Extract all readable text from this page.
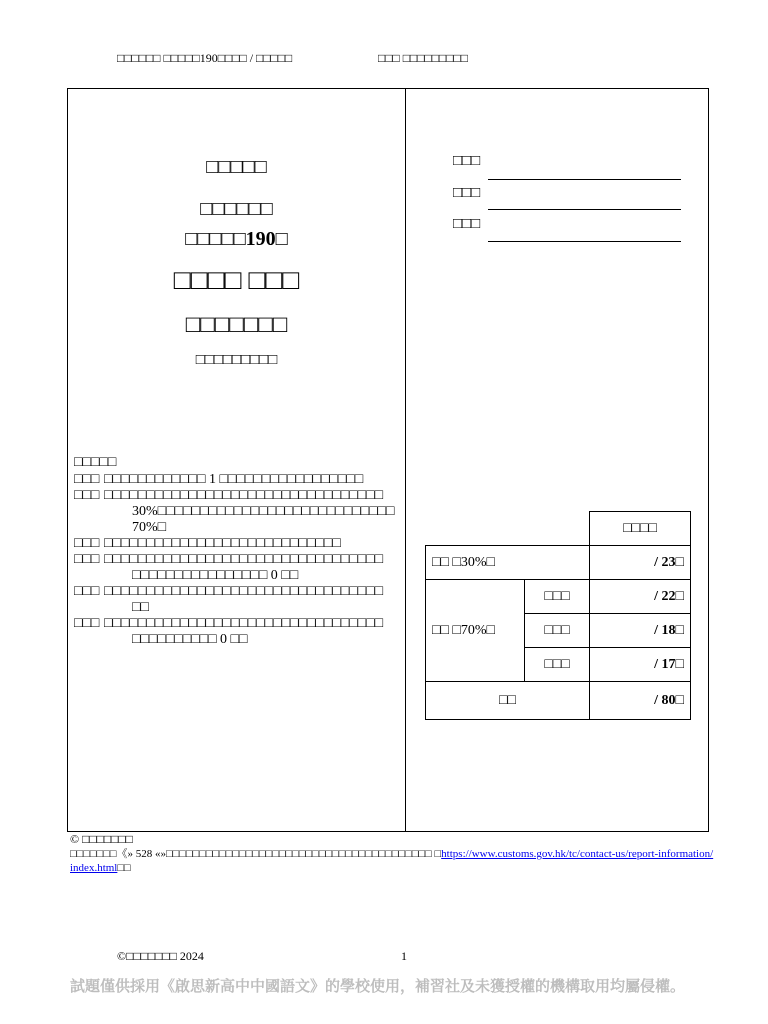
□□□□□□ □□□□□190□□□□ / □□□□□	□□□ □□□□□□□□□
□□□□□
□□□□□□
□□□□□190□
□□□□ □□□
□□□□□□□
□□□□□□□□□
□□□□□
□□□ □□□□□□□□□□□□ 1 □□□□□□□□□□□□□□□□□
□□□ □□□□□□□□□□□□□□□□□□□□□□□□□□□□□□□□□
30%□□□□□□□□□□□□□□□□□□□□□□□□□□□□
70%□
□□□ □□□□□□□□□□□□□□□□□□□□□□□□□□□□
□□□ □□□□□□□□□□□□□□□□□□□□□□□□□□□□□□□□□
□□□□□□□□□□□□□□□□ 0 □□
□□□ □□□□□□□□□□□□□□□□□□□□□□□□□□□□□□□□□
□□
□□□ □□□□□□□□□□□□□□□□□□□□□□□□□□□□□□□□□
□□□□□□□□□□ 0 □□
□□□
□□□
□□□
		□□□□
□□ □30%□		/ 23□
□□ □70%□	□□□	/ 22□
	□□□	/ 18□
	□□□	/ 17□
□□		/ 80□
© □□□□□□□
□□□□□□□《» 528 «»□□□□□□□□□□□□□□□□□□□□□□□□□□□□□□□□□□□□□□□□ □https://www.customs.gov.hk/tc/contact-us/report-information/
index.html□□
©□□□□□□□ 2024	1
試題僅供採用《啟思新高中中國語文》的學校使用，補習社及未獲授權的機構取用均屬侵權。
